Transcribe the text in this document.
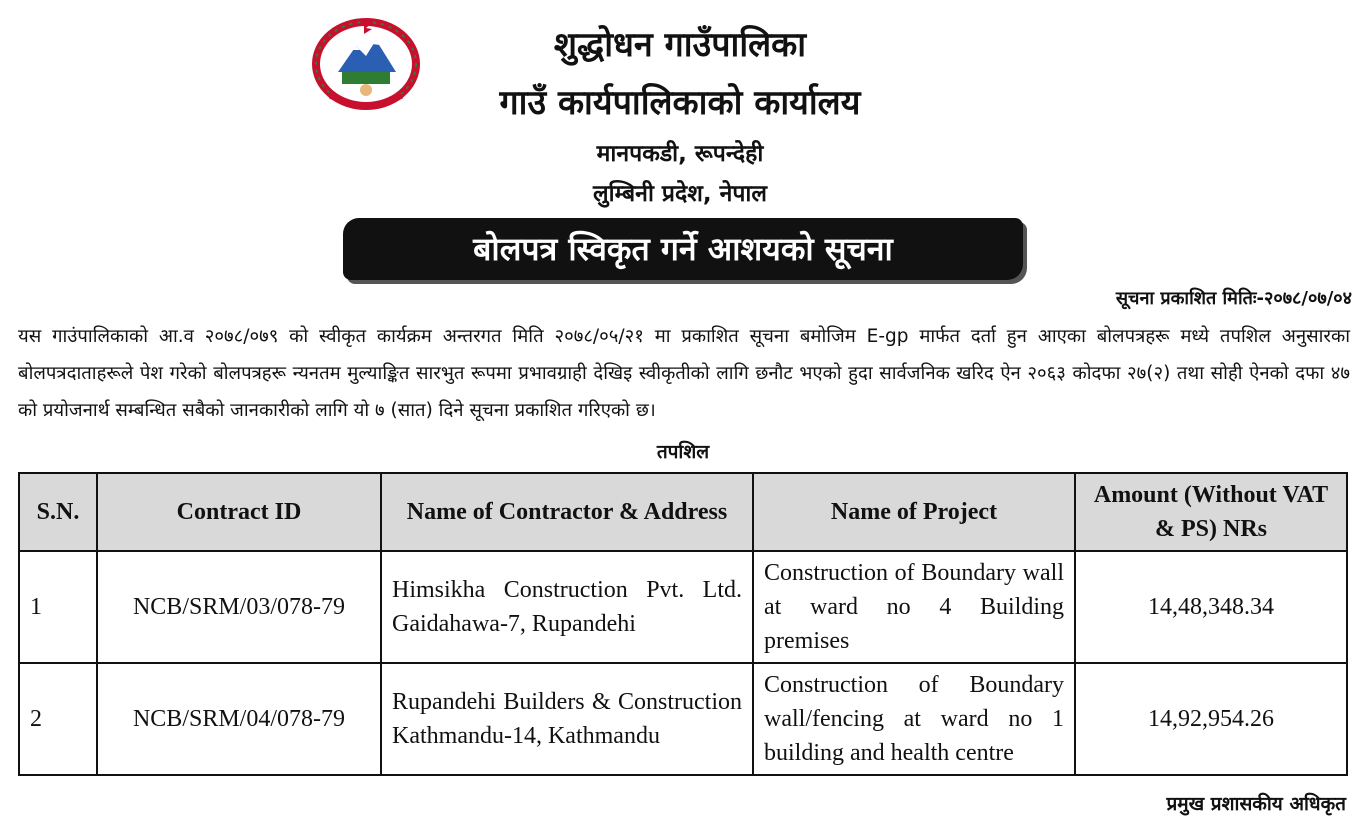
शुद्धोधन गाउँपालिका
गाउँ कार्यपालिकाको कार्यालय
मानपकडी, रूपन्देही
लुम्बिनी प्रदेश, नेपाल
बोलपत्र स्विकृत गर्ने आशयको सूचना
सूचना प्रकाशित मितिः-२०७८/०७/०४
यस गाउंपालिकाको आ.व २०७८/०७९ को स्वीकृत कार्यक्रम अन्तरगत मिति २०७८/०५/२१ मा प्रकाशित सूचना बमोजिम E-gp मार्फत दर्ता हुन आएका बोलपत्रहरू मध्ये तपशिल अनुसारका बोलपत्रदाताहरूले पेश गरेको बोलपत्रहरू न्यनतम मुल्याङ्कित सारभुत रूपमा प्रभावग्राही देखिइ स्वीकृतीको लागि छनौट भएको हुदा सार्वजनिक खरिद ऐन २०६३ कोदफा २७(२) तथा सोही ऐनको दफा ४७ को प्रयोजनार्थ सम्बन्धित सबैको जानकारीको लागि यो ७ (सात) दिने सूचना प्रकाशित गरिएको छ।
तपशिल
S.N.	Contract ID	Name of Contractor & Address	Name of Project	Amount (Without VAT & PS) NRs
1	NCB/SRM/03/078-79	Himsikha Construction Pvt. Ltd. Gaidahawa-7, Rupandehi	Construction of Boundary wall at ward no 4 Building premises	14,48,348.34
2	NCB/SRM/04/078-79	Rupandehi Builders & Construction Kathmandu-14, Kathmandu	Construction of Boundary wall/fencing at ward no 1 building and health centre	14,92,954.26
प्रमुख प्रशासकीय अधिकृत
